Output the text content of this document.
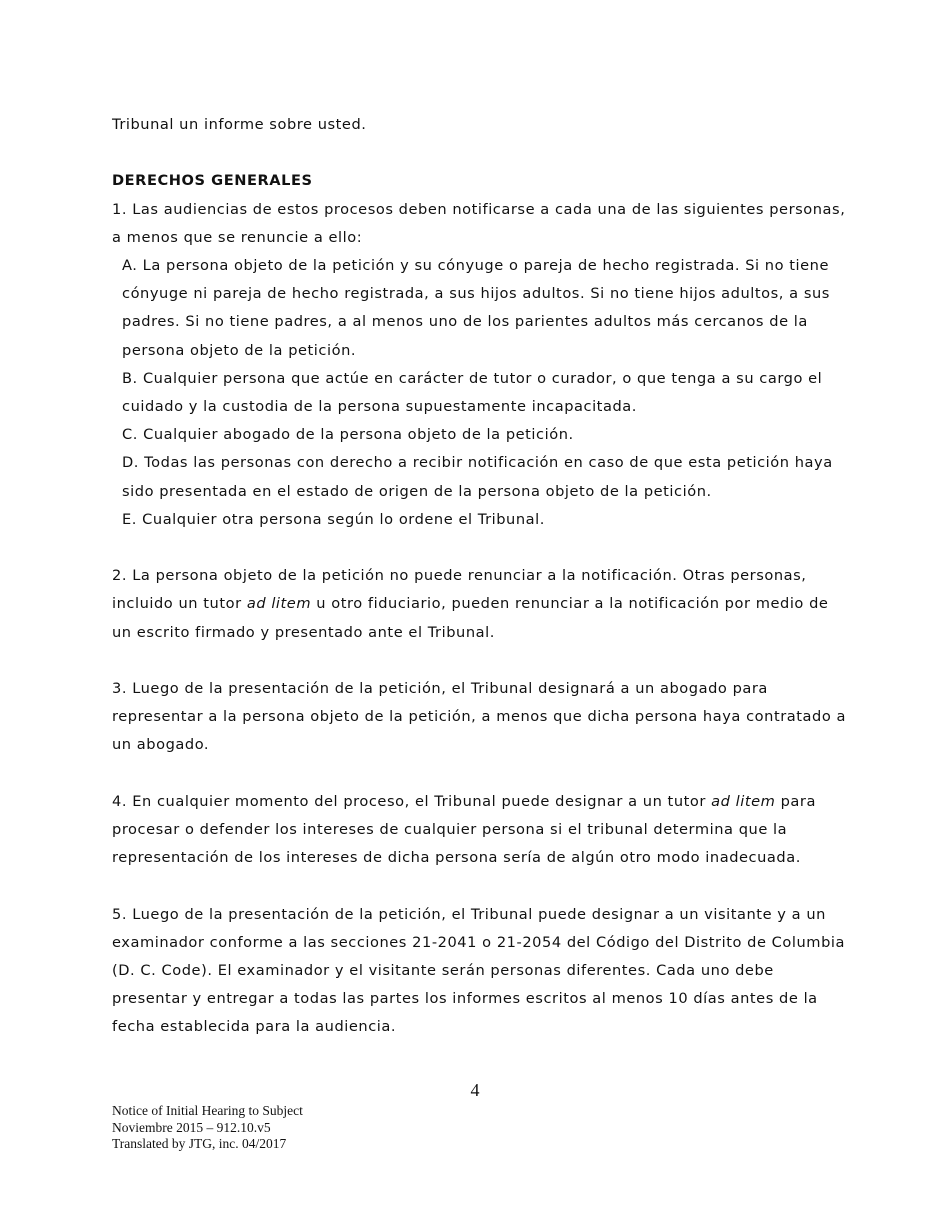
Tribunal un informe sobre usted.

DERECHOS GENERALES

1. Las audiencias de estos procesos deben notificarse a cada una de las siguientes personas, a menos que se renuncie a ello:

A. La persona objeto de la petición y su cónyuge o pareja de hecho registrada. Si no tiene cónyuge ni pareja de hecho registrada, a sus hijos adultos. Si no tiene hijos adultos, a sus padres. Si no tiene padres, a al menos uno de los parientes adultos más cercanos de la persona objeto de la petición.

B. Cualquier persona que actúe en carácter de tutor o curador, o que tenga a su cargo el cuidado y la custodia de la persona supuestamente incapacitada.

C. Cualquier abogado de la persona objeto de la petición.

D. Todas las personas con derecho a recibir notificación en caso de que esta petición haya sido presentada en el estado de origen de la persona objeto de la petición.

E. Cualquier otra persona según lo ordene el Tribunal.

2. La persona objeto de la petición no puede renunciar a la notificación. Otras personas, incluido un tutor ad litem u otro fiduciario, pueden renunciar a la notificación por medio de un escrito firmado y presentado ante el Tribunal.

3. Luego de la presentación de la petición, el Tribunal designará a un abogado para representar a la persona objeto de la petición, a menos que dicha persona haya contratado a un abogado.

4. En cualquier momento del proceso, el Tribunal puede designar a un tutor ad litem para procesar o defender los intereses de cualquier persona si el tribunal determina que la representación de los intereses de dicha persona sería de algún otro modo inadecuada.

5. Luego de la presentación de la petición, el Tribunal puede designar a un visitante y a un examinador conforme a las secciones 21-2041 o 21-2054 del Código del Distrito de Columbia (D. C. Code). El examinador y el visitante serán personas diferentes. Cada uno debe presentar y entregar a todas las partes los informes escritos al menos 10 días antes de la fecha establecida para la audiencia.

4
Notice of Initial Hearing to Subject
Noviembre 2015 – 912.10.v5
Translated by JTG, inc. 04/2017
